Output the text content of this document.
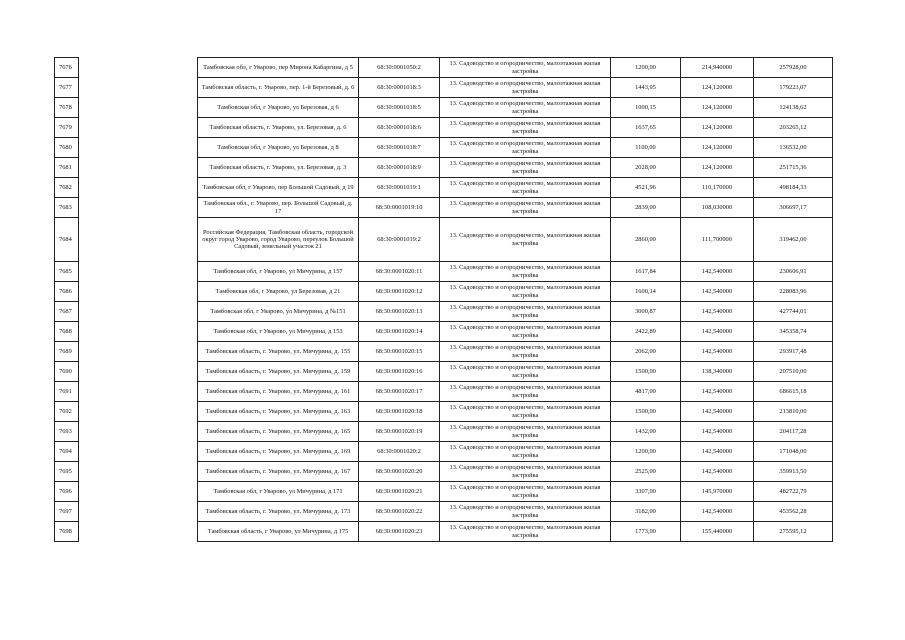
7676		Тамбовская обл, г Уварово, пер Мирона Кабаргина, д 5	68:30:0001050:2	13. Садоводство и огородничество, малоэтажная жилая застройка	1200,00	214,940000	257928,00
7677		Тамбовская область, г. Уварово, пер. 1-й Березовый, д. 6	68:30:0001018:3	13. Садоводство и огородничество, малоэтажная жилая застройка	1443,95	124,120000	179223,07
7678		Тамбовская обл, г Уварово, ул Березовая, д 6	68:30:0001018:5	13. Садоводство и огородничество, малоэтажная жилая застройка	1000,15	124,120000	124138,62
7679		Тамбовская область, г. Уварово, ул. Березовая, д. 6	68:30:0001018:6	13. Садоводство и огородничество, малоэтажная жилая застройка	1637,65	124,120000	203265,12
7680		Тамбовская обл, г Уварово, ул Березовая, д 8	68:30:0001018:7	13. Садоводство и огородничество, малоэтажная жилая застройка	1100,00	124,120000	136532,00
7681		Тамбовская область, г. Уварово, ул. Березовая, д. 3	68:30:0001018:9	13. Садоводство и огородничество, малоэтажная жилая застройка	2028,00	124,120000	251715,36
7682		Тамбовская обл, г Уварово, пер Большой Садовый, д 19	68:30:0001019:1	13. Садоводство и огородничество, малоэтажная жилая застройка	4521,96	110,170000	498184,33
7683		Тамбовская обл., г. Уварово, пер. Большой Садовый, д. 17	68:30:0001019:10	13. Садоводство и огородничество, малоэтажная жилая застройка	2839,00	108,030000	306697,17
7684		Российская Федерация, Тамбовская область, городской округ город Уварово, город Уварово, переулок Большой Садовый, земельный участок 21	68:30:0001019:2	13. Садоводство и огородничество, малоэтажная жилая застройка	2860,00	111,700000	319462,00
7685		Тамбовская обл, г Уварово, ул Мичурина, д 157	68:30:0001020:11	13. Садоводство и огородничество, малоэтажная жилая застройка	1617,84	142,540000	230606,91
7686		Тамбовская обл, г Уварово, ул Березовая, д 21	68:30:0001020:12	13. Садоводство и огородничество, малоэтажная жилая застройка	1600,14	142,540000	228083,96
7687		Тамбовская обл, г Уварово, ул Мичурина, д №151	68:30:0001020:13	13. Садоводство и огородничество, малоэтажная жилая застройка	3000,87	142,540000	427744,01
7688		Тамбовская обл, г Уварово, ул Мичурина, д 153	68:30:0001020:14	13. Садоводство и огородничество, малоэтажная жилая застройка	2422,89	142,540000	345358,74
7689		Тамбовская область, г. Уварово, ул. Мичурина, д. 155	68:30:0001020:15	13. Садоводство и огородничество, малоэтажная жилая застройка	2062,00	142,540000	293917,48
7690		Тамбовская область, г. Уварово, ул. Мичурина, д. 159	68:30:0001020:16	13. Садоводство и огородничество, малоэтажная жилая застройка	1500,00	138,340000	207510,00
7691		Тамбовская область, г. Уварово, ул. Мичурина, д. 161	68:30:0001020:17	13. Садоводство и огородничество, малоэтажная жилая застройка	4817,00	142,540000	686615,18
7692		Тамбовская область, г. Уварово, ул. Мичурина, д. 163	68:30:0001020:18	13. Садоводство и огородничество, малоэтажная жилая застройка	1500,00	142,540000	213810,00
7693		Тамбовская область, г. Уварово, ул. Мичурина, д. 165	68:30:0001020:19	13. Садоводство и огородничество, малоэтажная жилая застройка	1432,00	142,540000	204117,28
7694		Тамбовская область, г. Уварово, ул. Мичурина, д. 169	68:30:0001020:2	13. Садоводство и огородничество, малоэтажная жилая застройка	1200,00	142,540000	171048,00
7695		Тамбовская область, г. Уварово, ул. Мичурина, д. 167	68:30:0001020:20	13. Садоводство и огородничество, малоэтажная жилая застройка	2525,00	142,540000	359913,50
7696		Тамбовская обл, г Уварово, ул Мичурина, д 171	68:30:0001020:21	13. Садоводство и огородничество, малоэтажная жилая застройка	3307,00	145,970000	482722,79
7697		Тамбовская область, г. Уварово, ул. Мичурина, д. 173	68:30:0001020:22	13. Садоводство и огородничество, малоэтажная жилая застройка	3182,00	142,540000	453562,28
7698		Тамбовская область, г Уварово, ул Мичурина, д 175	68:30:0001020:23	13. Садоводство и огородничество, малоэтажная жилая застройка	1773,00	155,440000	275595,12
